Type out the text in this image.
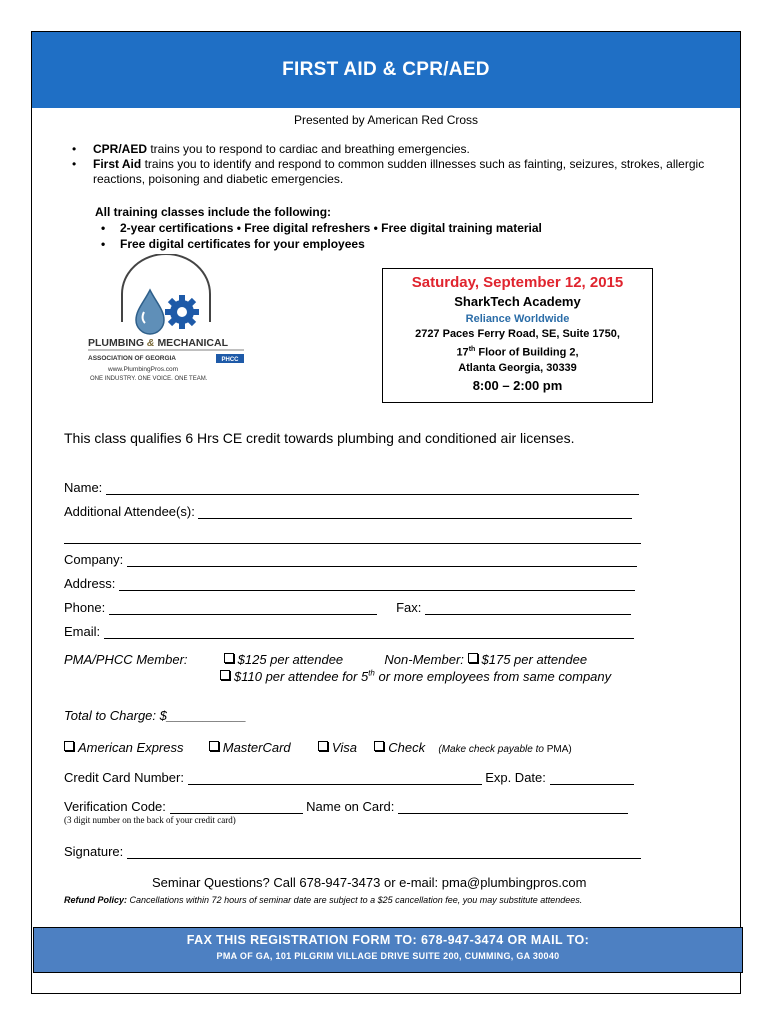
FIRST AID & CPR/AED
Presented by American Red Cross
• CPR/AED trains you to respond to cardiac and breathing emergencies.
• First Aid trains you to identify and respond to common sudden illnesses such as fainting, seizures, strokes, allergic reactions, poisoning and diabetic emergencies.
All training classes include the following:
• 2-year certifications • Free digital refreshers • Free digital training material
• Free digital certificates for your employees
PLUMBING & MECHANICAL
ASSOCIATION OF GEORGIA	PHCC
www.PlumbingPros.com
ONE INDUSTRY. ONE VOICE. ONE TEAM.
Saturday, September 12, 2015
SharkTech Academy
Reliance Worldwide
2727 Paces Ferry Road, SE, Suite 1750,
17th Floor of Building 2,
Atlanta Georgia, 30339
8:00 – 2:00 pm
This class qualifies 6 Hrs CE credit towards plumbing and conditioned air licenses.
Name:
Additional Attendee(s):
Company:
Address:
Phone:	Fax:
Email:
PMA/PHCC Member:	$125 per attendee	Non-Member: $175 per attendee
$110 per attendee for 5th or more employees from same company
Total to Charge: $___________
American Express	MasterCard	Visa Check (Make check payable to PMA)
Credit Card Number:	Exp. Date:
Verification Code:	Name on Card:
(3 digit number on the back of your credit card)
Signature:
Seminar Questions? Call 678-947-3473 or e-mail: pma@plumbingpros.com
Refund Policy: Cancellations within 72 hours of seminar date are subject to a $25 cancellation fee, you may substitute attendees.
FAX THIS REGISTRATION FORM TO: 678-947-3474 OR MAIL TO:
PMA OF GA, 101 PILGRIM VILLAGE DRIVE SUITE 200, CUMMING, GA 30040
